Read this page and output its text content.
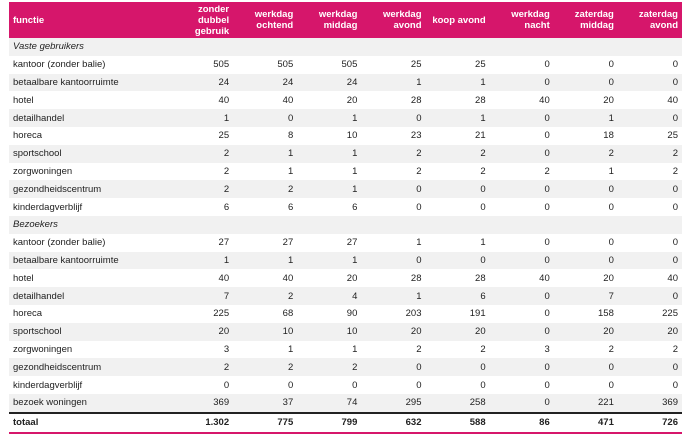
functie	zonder dubbel gebruik	werkdag ochtend	werkdag middag	werkdag avond	koop avond	werkdag nacht	zaterdag middag	zaterdag avond
Vaste gebruikers								
kantoor (zonder balie)	505	505	505	25	25	0	0	0
betaalbare kantoorruimte	24	24	24	1	1	0	0	0
hotel	40	40	20	28	28	40	20	40
detailhandel	1	0	1	0	1	0	1	0
horeca	25	8	10	23	21	0	18	25
sportschool	2	1	1	2	2	0	2	2
zorgwoningen	2	1	1	2	2	2	1	2
gezondheidscentrum	2	2	1	0	0	0	0	0
kinderdagverblijf	6	6	6	0	0	0	0	0
Bezoekers								
kantoor (zonder balie)	27	27	27	1	1	0	0	0
betaalbare kantoorruimte	1	1	1	0	0	0	0	0
hotel	40	40	20	28	28	40	20	40
detailhandel	7	2	4	1	6	0	7	0
horeca	225	68	90	203	191	0	158	225
sportschool	20	10	10	20	20	0	20	20
zorgwoningen	3	1	1	2	2	3	2	2
gezondheidscentrum	2	2	2	0	0	0	0	0
kinderdagverblijf	0	0	0	0	0	0	0	0
bezoek woningen	369	37	74	295	258	0	221	369
totaal	1.302	775	799	632	588	86	471	726
